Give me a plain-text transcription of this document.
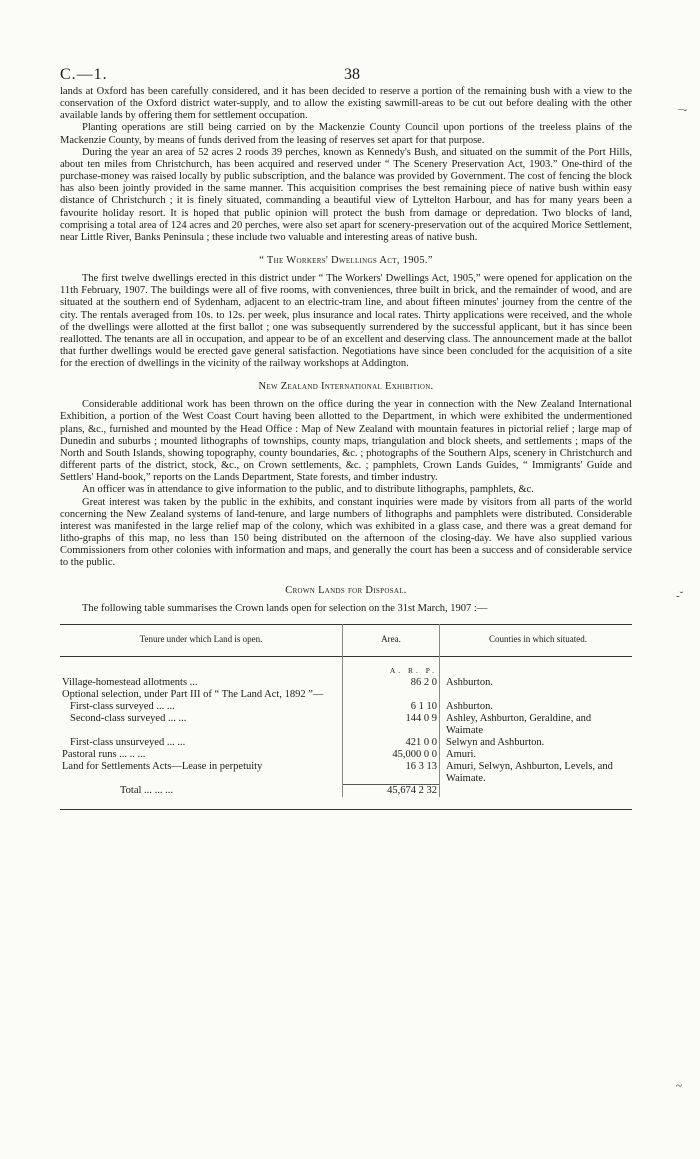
C.—1.	38

lands at Oxford has been carefully considered, and it has been decided to reserve a portion of the remaining bush with a view to the conservation of the Oxford district water-supply, and to allow the existing sawmill-areas to be cut out before dealing with the other available lands by offering them for settlement occupation.

Planting operations are still being carried on by the Mackenzie County Council upon portions of the treeless plains of the Mackenzie County, by means of funds derived from the leasing of reserves set apart for that purpose.

During the year an area of 52 acres 2 roods 39 perches, known as Kennedy's Bush, and situated on the summit of the Port Hills, about ten miles from Christchurch, has been acquired and reserved under “ The Scenery Preservation Act, 1903.” One-third of the purchase-money was raised locally by public subscription, and the balance was provided by Government. The cost of fencing the block has also been jointly provided in the same manner. This acquisition comprises the best remaining piece of native bush within easy distance of Christchurch ; it is finely situated, commanding a beautiful view of Lyttelton Harbour, and has for many years been a favourite holiday resort. It is hoped that public opinion will protect the bush from damage or depredation. Two blocks of land, comprising a total area of 124 acres and 20 perches, were also set apart for scenery-preservation out of the acquired Morice Settlement, near Little River, Banks Peninsula ; these include two valuable and interesting areas of native bush.

“ The Workers' Dwellings Act, 1905.”

The first twelve dwellings erected in this district under “ The Workers' Dwellings Act, 1905,” were opened for application on the 11th February, 1907. The buildings were all of five rooms, with conveniences, three built in brick, and the remainder of wood, and are situated at the southern end of Sydenham, adjacent to an electric-tram line, and about fifteen minutes' journey from the centre of the city. The rentals averaged from 10s. to 12s. per week, plus insurance and local rates. Thirty applications were received, and the whole of the dwellings were allotted at the first ballot ; one was subsequently surrendered by the successful applicant, but it has since been reallotted. The tenants are all in occupation, and appear to be of an excellent and deserving class. The announcement made at the ballot that further dwellings would be erected gave general satisfaction. Negotiations have since been concluded for the acquisition of a site for the erection of dwellings in the vicinity of the railway workshops at Addington.

New Zealand International Exhibition.

Considerable additional work has been thrown on the office during the year in connection with the New Zealand International Exhibition, a portion of the West Coast Court having been allotted to the Department, in which were exhibited the undermentioned plans, &c., furnished and mounted by the Head Office : Map of New Zealand with mountain features in pictorial relief ; large map of Dunedin and suburbs ; mounted lithographs of townships, county maps, triangulation and block sheets, and settlements ; maps of the North and South Islands, showing topography, county boundaries, &c. ; photographs of the Southern Alps, scenery in Christchurch and different parts of the district, stock, &c., on Crown settlements, &c. ; pamphlets, Crown Lands Guides, “ Immigrants' Guide and Settlers' Hand-book,” reports on the Lands Department, State forests, and timber industry.

An officer was in attendance to give information to the public, and to distribute lithographs, pamphlets, &c.

Great interest was taken by the public in the exhibits, and constant inquiries were made by visitors from all parts of the world concerning the New Zealand systems of land-tenure, and large numbers of lithographs and pamphlets were distributed. Considerable interest was manifested in the large relief map of the colony, which was exhibited in a glass case, and there was a great demand for litho-graphs of this map, no less than 150 being distributed on the afternoon of the closing-day. We have also supplied various Commissioners from other colonies with information and maps, and generally the court has been a success and of considerable service to the public.

Crown Lands for Disposal.

The following table summarises the Crown lands open for selection on the 31st March, 1907 :—

Tenure under which Land is open.	Area.	Counties in which situated.
	A. R. P.	
Village-homestead allotments ...	86 2 0	Ashburton.
Optional selection, under Part III of “ The Land Act, 1892 ”—		
First-class surveyed ... ...	6 1 10	Ashburton.
Second-class surveyed ... ...	144 0 9	Ashley, Ashburton, Geraldine, and Waimate
First-class unsurveyed ... ...	421 0 0	Selwyn and Ashburton.
Pastoral runs ... .. ...	45,000 0 0	Amuri.
Land for Settlements Acts—Lease in perpetuity	16 3 13	Amuri, Selwyn, Ashburton, Levels, and Waimate.
Total ... ... ...	45,674 2 32	
¯ˇ
-ˇ
~
